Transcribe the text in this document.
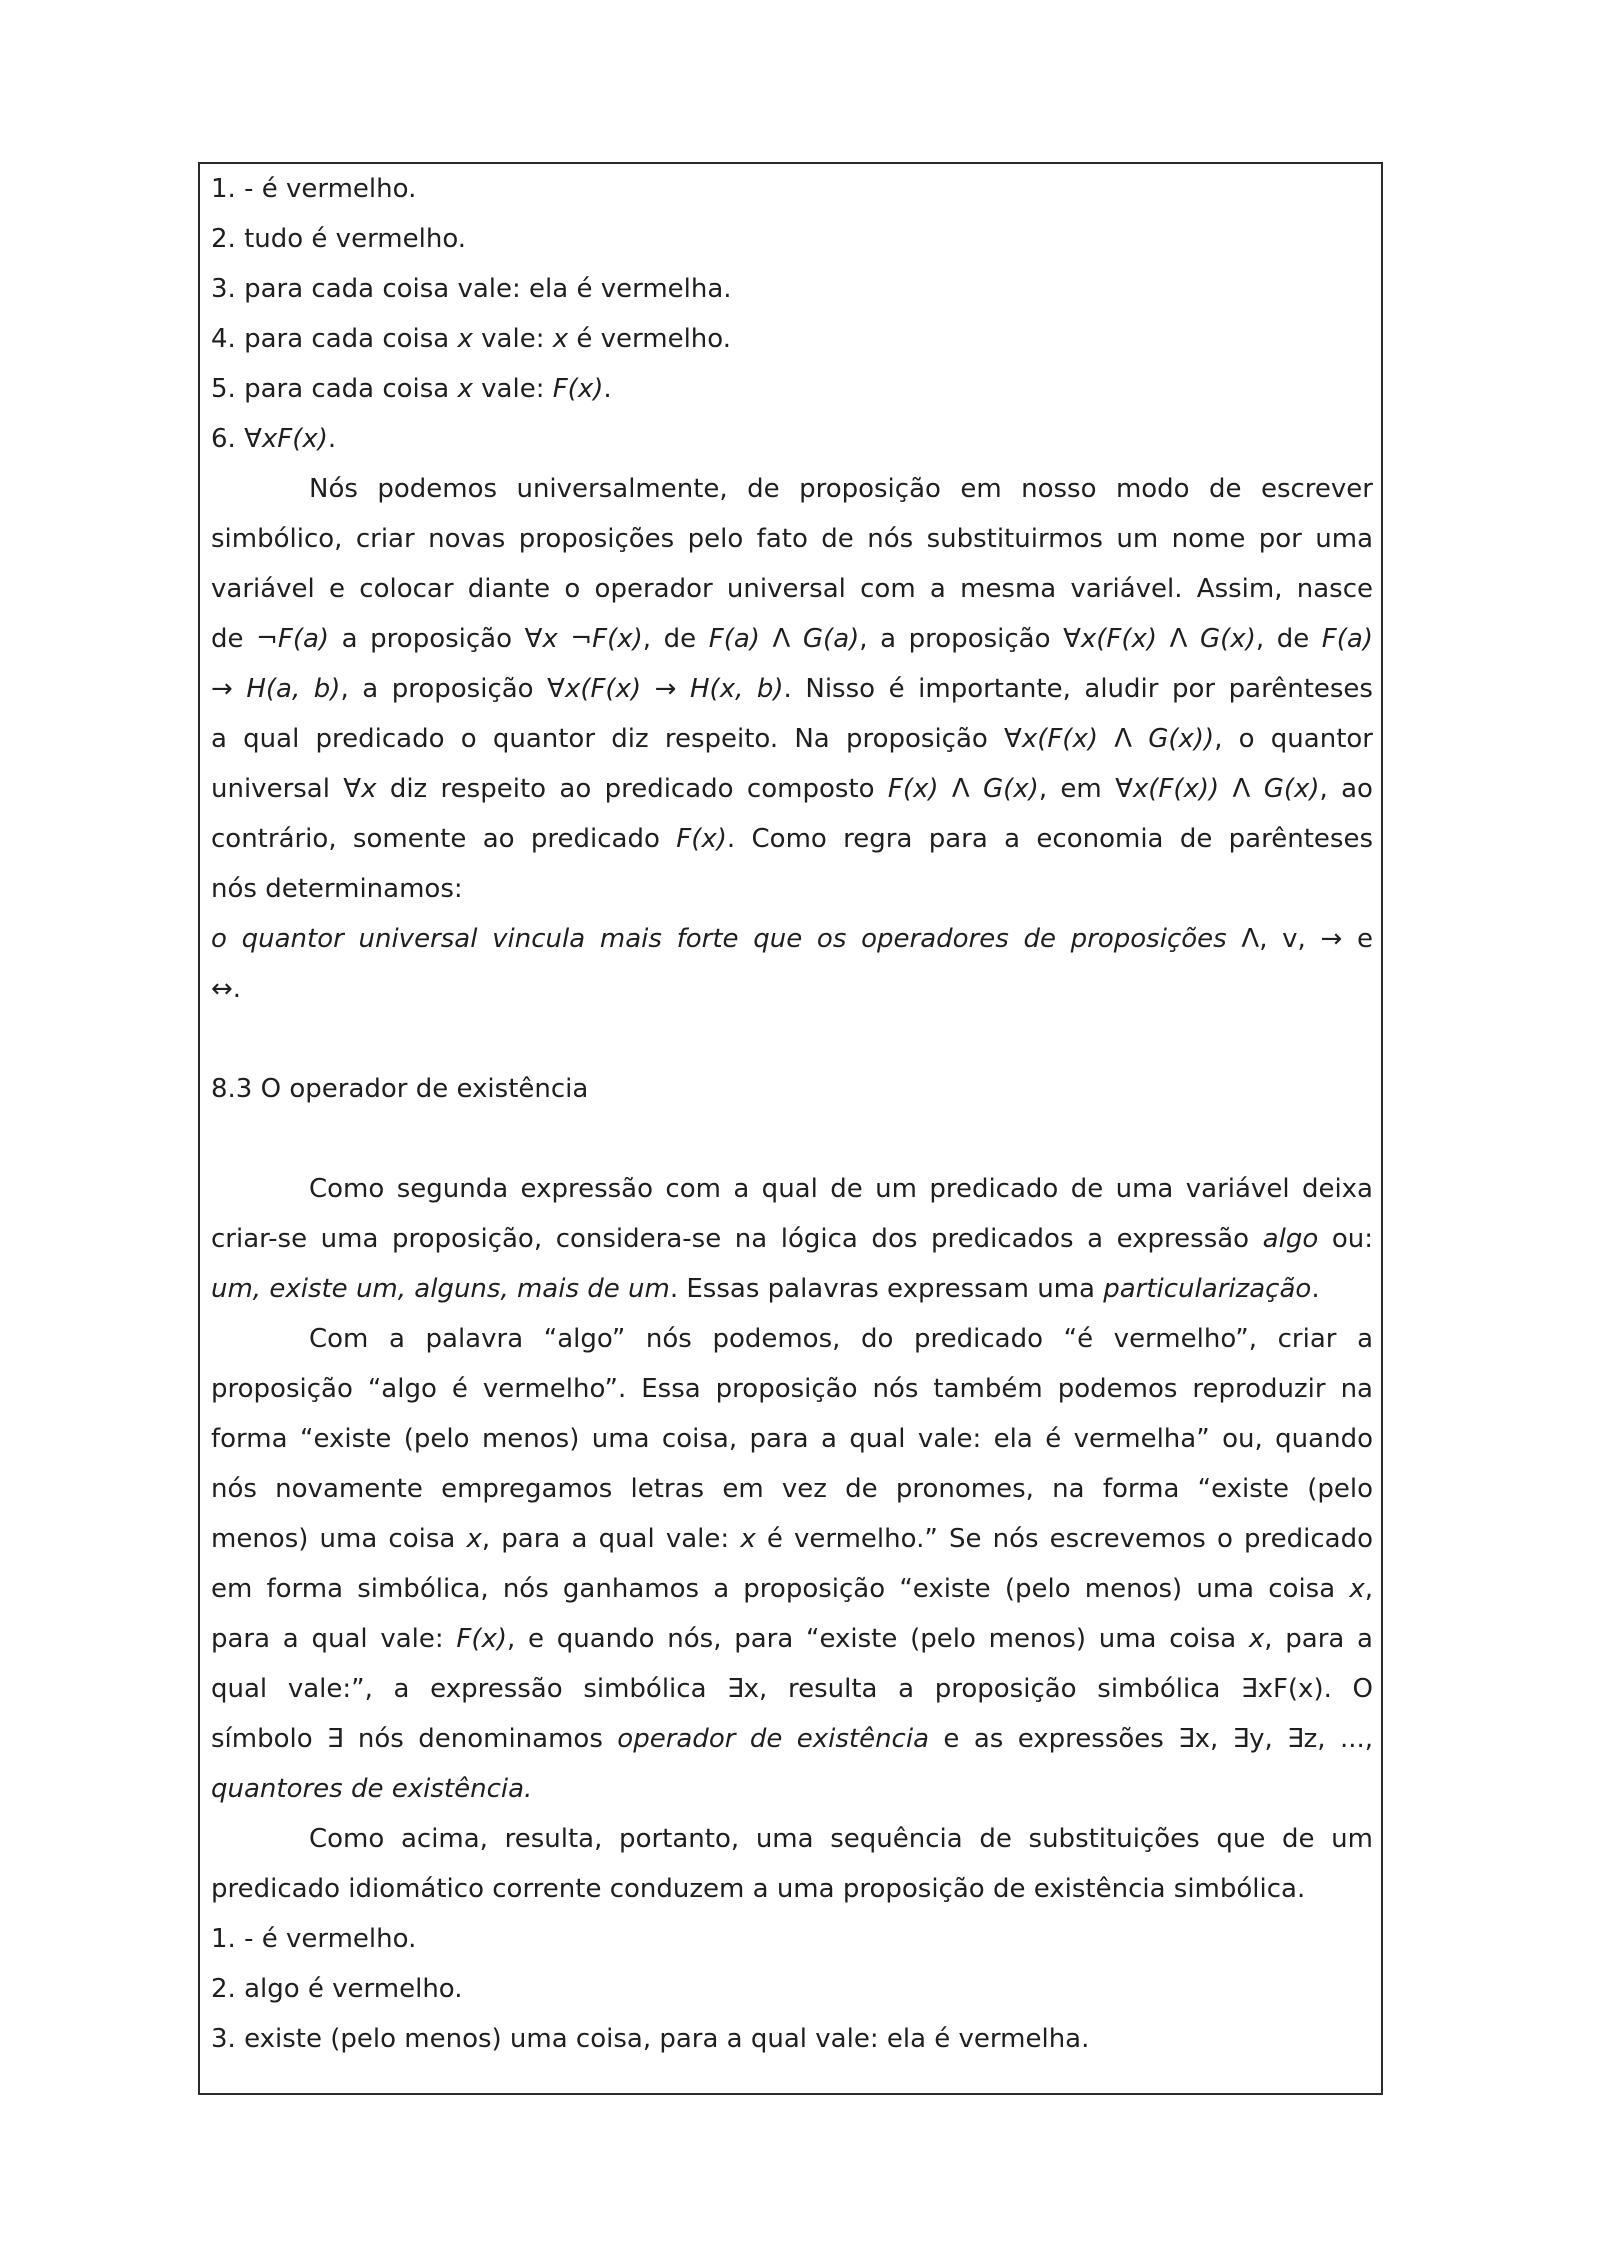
1. - é vermelho.
2. tudo é vermelho.
3. para cada coisa vale: ela é vermelha.
4. para cada coisa x vale: x é vermelho.
5. para cada coisa x vale: F(x).
6. ∀xF(x).
Nós podemos universalmente, de proposição em nosso modo de escrever
simbólico, criar novas proposições pelo fato de nós substituirmos um nome por uma
variável e colocar diante o operador universal com a mesma variável. Assim, nasce
de ¬F(a) a proposição ∀x ¬F(x), de F(a) Λ G(a), a proposição ∀x(F(x) Λ G(x), de F(a)
→ H(a, b), a proposição ∀x(F(x) → H(x, b). Nisso é importante, aludir por parênteses
a qual predicado o quantor diz respeito. Na proposição ∀x(F(x) Λ G(x)), o quantor
universal ∀x diz respeito ao predicado composto F(x) Λ G(x), em ∀x(F(x)) Λ G(x), ao
contrário, somente ao predicado F(x). Como regra para a economia de parênteses
nós determinamos:
o quantor universal vincula mais forte que os operadores de proposições Λ, v, → e
↔.
8.3 O operador de existência
Como segunda expressão com a qual de um predicado de uma variável deixa
criar-se uma proposição, considera-se na lógica dos predicados a expressão algo ou:
um, existe um, alguns, mais de um. Essas palavras expressam uma particularização.
Com a palavra “algo” nós podemos, do predicado “é vermelho”, criar a
proposição “algo é vermelho”. Essa proposição nós também podemos reproduzir na
forma “existe (pelo menos) uma coisa, para a qual vale: ela é vermelha” ou, quando
nós novamente empregamos letras em vez de pronomes, na forma “existe (pelo
menos) uma coisa x, para a qual vale: x é vermelho.” Se nós escrevemos o predicado
em forma simbólica, nós ganhamos a proposição “existe (pelo menos) uma coisa x,
para a qual vale: F(x), e quando nós, para “existe (pelo menos) uma coisa x, para a
qual vale:”, a expressão simbólica ∃x, resulta a proposição simbólica ∃xF(x). O
símbolo ∃ nós denominamos operador de existência e as expressões ∃x, ∃y, ∃z, ...,
quantores de existência.
Como acima, resulta, portanto, uma sequência de substituições que de um
predicado idiomático corrente conduzem a uma proposição de existência simbólica.
1. - é vermelho.
2. algo é vermelho.
3. existe (pelo menos) uma coisa, para a qual vale: ela é vermelha.
